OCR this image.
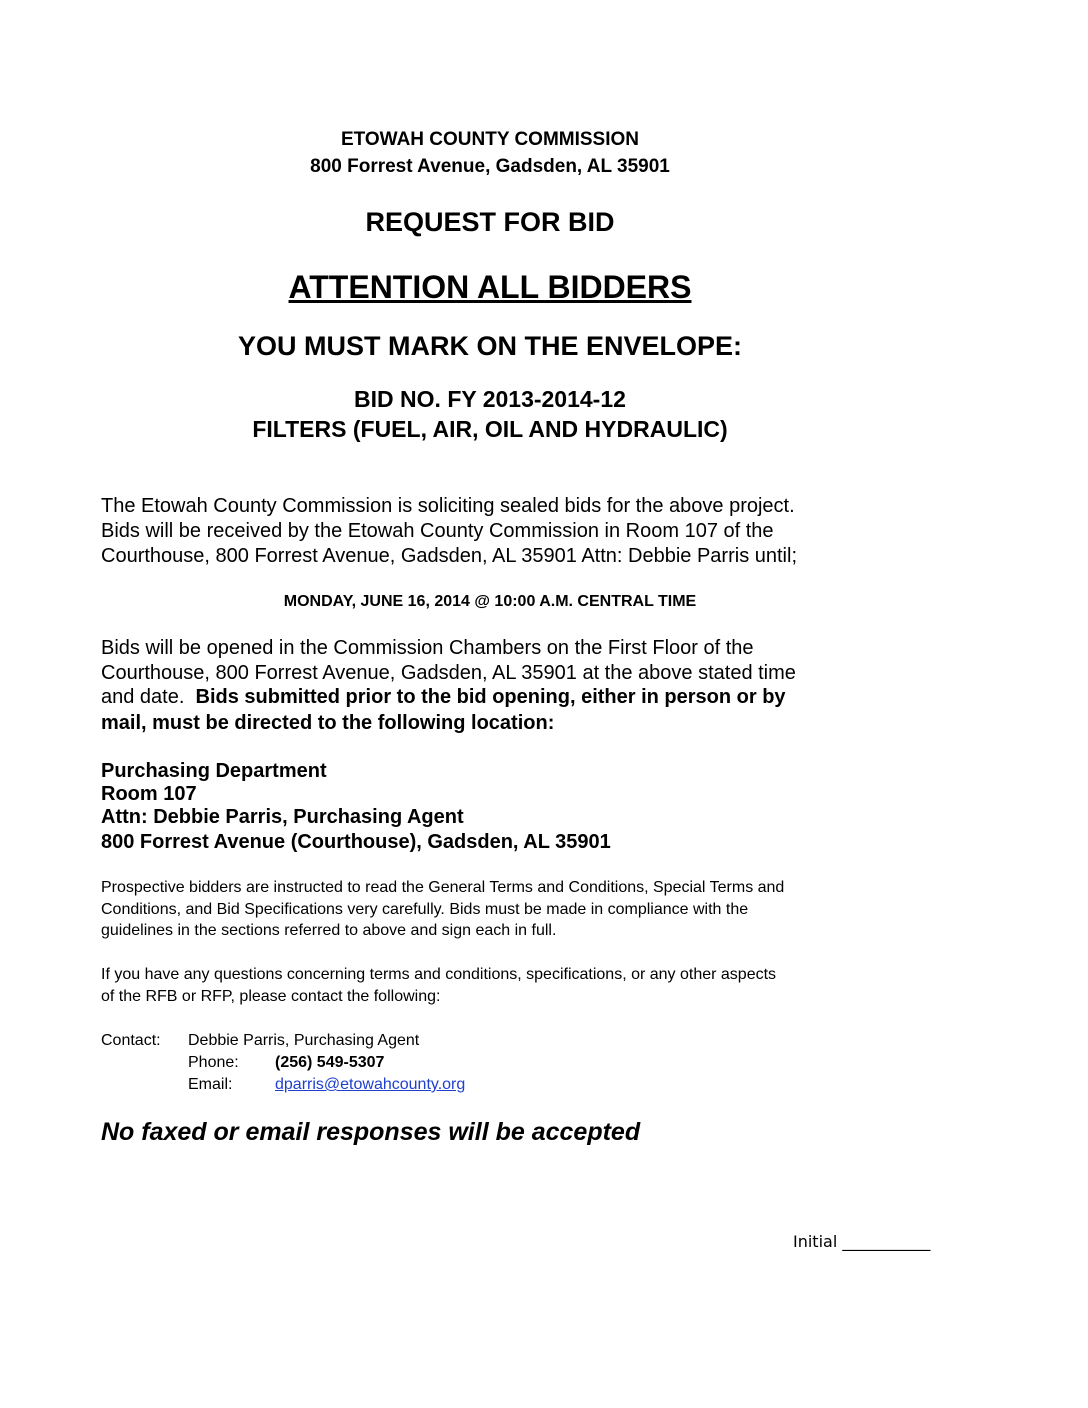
ETOWAH COUNTY COMMISSION
800 Forrest Avenue, Gadsden, AL 35901
REQUEST FOR BID
ATTENTION ALL BIDDERS
YOU MUST MARK ON THE ENVELOPE:
BID NO. FY 2013-2014-12
FILTERS (FUEL, AIR, OIL AND HYDRAULIC)
The Etowah County Commission is soliciting sealed bids for the above project.
Bids will be received by the Etowah County Commission in Room 107 of the
Courthouse, 800 Forrest Avenue, Gadsden, AL 35901 Attn: Debbie Parris until;
MONDAY, JUNE 16, 2014 @ 10:00 A.M. CENTRAL TIME
Bids will be opened in the Commission Chambers on the First Floor of the
Courthouse, 800 Forrest Avenue, Gadsden, AL 35901 at the above stated time
and date.  Bids submitted prior to the bid opening, either in person or by
mail, must be directed to the following location:
Purchasing Department
Room 107
Attn: Debbie Parris, Purchasing Agent
800 Forrest Avenue (Courthouse), Gadsden, AL 35901
Prospective bidders are instructed to read the General Terms and Conditions, Special Terms and
Conditions, and Bid Specifications very carefully. Bids must be made in compliance with the
guidelines in the sections referred to above and sign each in full.
If you have any questions concerning terms and conditions, specifications, or any other aspects
of the RFB or RFP, please contact the following:
Contact: Debbie Parris, Purchasing Agent
Phone: (256) 549-5307
Email:	dparris@etowahcounty.org
No faxed or email responses will be accepted
Initial ___________
